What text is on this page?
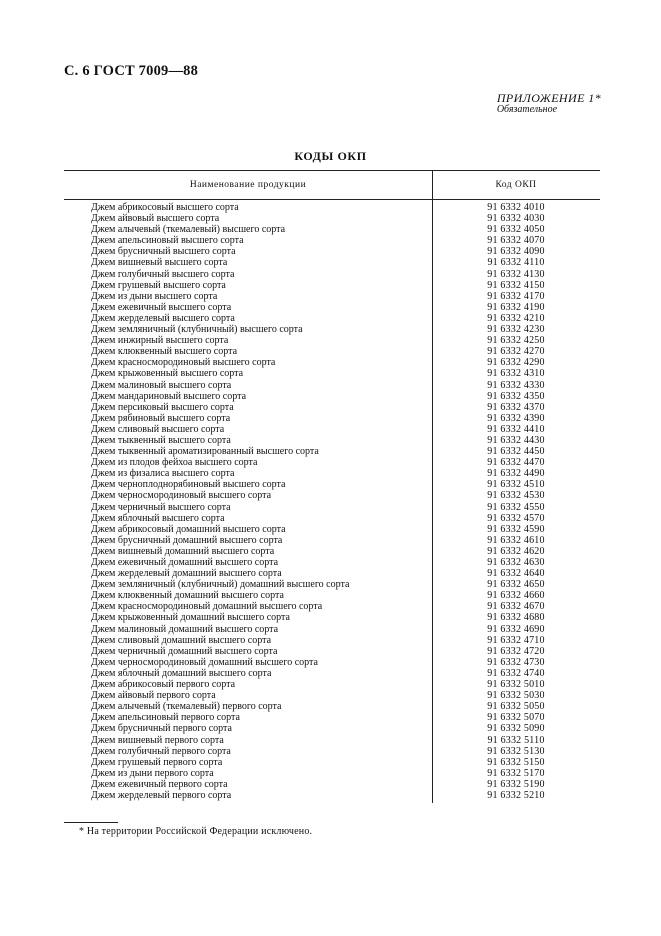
С. 6 ГОСТ 7009—88
ПРИЛОЖЕНИЕ 1*
Обязательное
КОДЫ ОКП
Наименование продукции	Код ОКП
Джем абрикосовый высшего сорта	91 6332 4010
Джем айвовый высшего сорта	91 6332 4030
Джем алычевый (ткемалевый) высшего сорта	91 6332 4050
Джем апельсиновый высшего сорта	91 6332 4070
Джем брусничный высшего сорта	91 6332 4090
Джем вишневый высшего сорта	91 6332 4110
Джем голубичный высшего сорта	91 6332 4130
Джем грушевый высшего сорта	91 6332 4150
Джем из дыни высшего сорта	91 6332 4170
Джем ежевичный высшего сорта	91 6332 4190
Джем жерделевый высшего сорта	91 6332 4210
Джем земляничный (клубничный) высшего сорта	91 6332 4230
Джем инжирный высшего сорта	91 6332 4250
Джем клюквенный высшего сорта	91 6332 4270
Джем красносмородиновый высшего сорта	91 6332 4290
Джем крыжовенный высшего сорта	91 6332 4310
Джем малиновый высшего сорта	91 6332 4330
Джем мандариновый высшего сорта	91 6332 4350
Джем персиковый высшего сорта	91 6332 4370
Джем рябиновый высшего сорта	91 6332 4390
Джем сливовый высшего сорта	91 6332 4410
Джем тыквенный высшего сорта	91 6332 4430
Джем тыквенный ароматизированный высшего сорта	91 6332 4450
Джем из плодов фейхоа высшего сорта	91 6332 4470
Джем из физалиса высшего сорта	91 6332 4490
Джем черноплоднорябиновый высшего сорта	91 6332 4510
Джем черносмородиновый высшего сорта	91 6332 4530
Джем черничный высшего сорта	91 6332 4550
Джем яблочный высшего сорта	91 6332 4570
Джем абрикосовый домашний высшего сорта	91 6332 4590
Джем брусничный домашний высшего сорта	91 6332 4610
Джем вишневый домашний высшего сорта	91 6332 4620
Джем ежевичный домашний высшего сорта	91 6332 4630
Джем жерделевый домашний высшего сорта	91 6332 4640
Джем земляничный (клубничный) домашний высшего сорта	91 6332 4650
Джем клюквенный домашний высшего сорта	91 6332 4660
Джем красносмородиновый домашний высшего сорта	91 6332 4670
Джем крыжовенный домашний высшего сорта	91 6332 4680
Джем малиновый домашний высшего сорта	91 6332 4690
Джем сливовый домашний высшего сорта	91 6332 4710
Джем черничный домашний высшего сорта	91 6332 4720
Джем черносмородиновый домашний высшего сорта	91 6332 4730
Джем яблочный домашний высшего сорта	91 6332 4740
Джем абрикосовый первого сорта	91 6332 5010
Джем айвовый первого сорта	91 6332 5030
Джем алычевый (ткемалевый) первого сорта	91 6332 5050
Джем апельсиновый первого сорта	91 6332 5070
Джем брусничный первого сорта	91 6332 5090
Джем вишневый первого сорта	91 6332 5110
Джем голубичный первого сорта	91 6332 5130
Джем грушевый первого сорта	91 6332 5150
Джем из дыни первого сорта	91 6332 5170
Джем ежевичный первого сорта	91 6332 5190
Джем жерделевый первого сорта	91 6332 5210
* На территории Российской Федерации исключено.
